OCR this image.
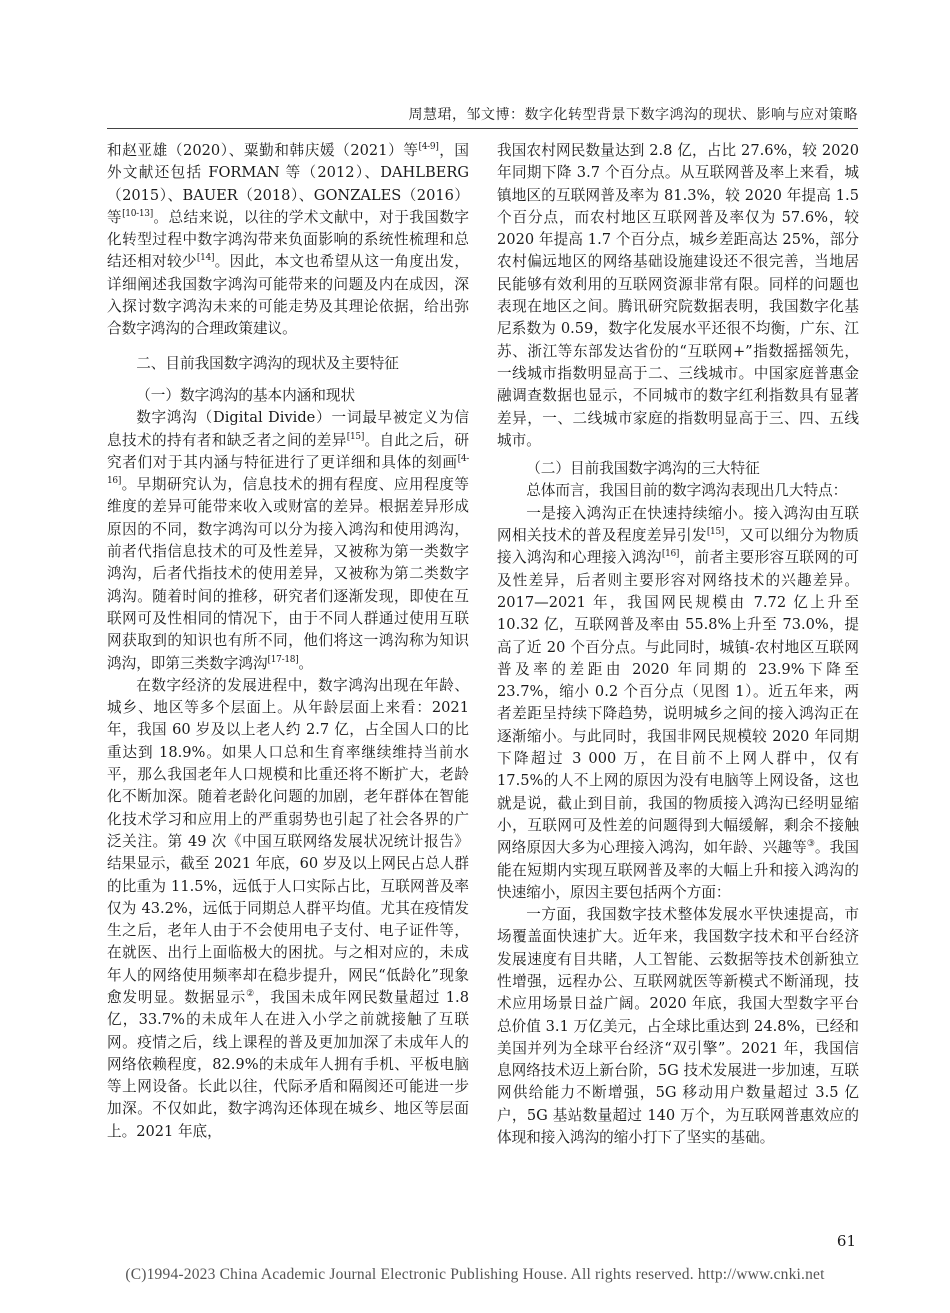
周慧珺，邹文博：数字化转型背景下数字鸿沟的现状、影响与应对策略

和赵亚雄（2020）、粟勤和韩庆媛（2021）等[4-9]，国外文献还包括 FORMAN 等（2012）、DAHLBERG（2015）、BAUER（2018）、GONZALES（2016）等[10-13]。总结来说，以往的学术文献中，对于我国数字化转型过程中数字鸿沟带来负面影响的系统性梳理和总结还相对较少[14]。因此，本文也希望从这一角度出发，详细阐述我国数字鸿沟可能带来的问题及内在成因，深入探讨数字鸿沟未来的可能走势及其理论依据，给出弥合数字鸿沟的合理政策建议。

二、目前我国数字鸿沟的现状及主要特征
（一）数字鸿沟的基本内涵和现状

数字鸿沟（Digital Divide）一词最早被定义为信息技术的持有者和缺乏者之间的差异[15]。自此之后，研究者们对于其内涵与特征进行了更详细和具体的刻画[4-16]。早期研究认为，信息技术的拥有程度、应用程度等维度的差异可能带来收入或财富的差异。根据差异形成原因的不同，数字鸿沟可以分为接入鸿沟和使用鸿沟，前者代指信息技术的可及性差异，又被称为第一类数字鸿沟，后者代指技术的使用差异，又被称为第二类数字鸿沟。随着时间的推移，研究者们逐渐发现，即使在互联网可及性相同的情况下，由于不同人群通过使用互联网获取到的知识也有所不同，他们将这一鸿沟称为知识鸿沟，即第三类数字鸿沟[17-18]。

在数字经济的发展进程中，数字鸿沟出现在年龄、城乡、地区等多个层面上。从年龄层面上来看：2021 年，我国 60 岁及以上老人约 2.7 亿，占全国人口的比重达到 18.9%。如果人口总和生育率继续维持当前水平，那么我国老年人口规模和比重还将不断扩大，老龄化不断加深。随着老龄化问题的加剧，老年群体在智能化技术学习和应用上的严重弱势也引起了社会各界的广泛关注。第 49 次《中国互联网络发展状况统计报告》结果显示，截至 2021 年底，60 岁及以上网民占总人群的比重为 11.5%，远低于人口实际占比，互联网普及率仅为 43.2%，远低于同期总人群平均值。尤其在疫情发生之后，老年人由于不会使用电子支付、电子证件等，在就医、出行上面临极大的困扰。与之相对应的，未成年人的网络使用频率却在稳步提升，网民“低龄化”现象愈发明显。数据显示②，我国未成年网民数量超过 1.8 亿，33.7%的未成年人在进入小学之前就接触了互联网。疫情之后，线上课程的普及更加加深了未成年人的网络依赖程度，82.9%的未成年人拥有手机、平板电脑等上网设备。长此以往，代际矛盾和隔阂还可能进一步加深。不仅如此，数字鸿沟还体现在城乡、地区等层面上。2021 年底，

我国农村网民数量达到 2.8 亿，占比 27.6%，较 2020 年同期下降 3.7 个百分点。从互联网普及率上来看，城镇地区的互联网普及率为 81.3%，较 2020 年提高 1.5 个百分点，而农村地区互联网普及率仅为 57.6%，较 2020 年提高 1.7 个百分点，城乡差距高达 25%，部分农村偏远地区的网络基础设施建设还不很完善，当地居民能够有效利用的互联网资源非常有限。同样的问题也表现在地区之间。腾讯研究院数据表明，我国数字化基尼系数为 0.59，数字化发展水平还很不均衡，广东、江苏、浙江等东部发达省份的“互联网+”指数摇摇领先，一线城市指数明显高于二、三线城市。中国家庭普惠金融调查数据也显示，不同城市的数字红利指数具有显著差异，一、二线城市家庭的指数明显高于三、四、五线城市。

（二）目前我国数字鸿沟的三大特征

总体而言，我国目前的数字鸿沟表现出几大特点：

一是接入鸿沟正在快速持续缩小。接入鸿沟由互联网相关技术的普及程度差异引发[15]，又可以细分为物质接入鸿沟和心理接入鸿沟[16]，前者主要形容互联网的可及性差异，后者则主要形容对网络技术的兴趣差异。2017—2021 年，我国网民规模由 7.72 亿上升至 10.32 亿，互联网普及率由 55.8%上升至 73.0%，提高了近 20 个百分点。与此同时，城镇-农村地区互联网普及率的差距由 2020 年同期的 23.9%下降至 23.7%，缩小 0.2 个百分点（见图 1）。近五年来，两者差距呈持续下降趋势，说明城乡之间的接入鸿沟正在逐渐缩小。与此同时，我国非网民规模较 2020 年同期下降超过 3 000 万，在目前不上网人群中，仅有 17.5%的人不上网的原因为没有电脑等上网设备，这也就是说，截止到目前，我国的物质接入鸿沟已经明显缩小，互联网可及性差的问题得到大幅缓解，剩余不接触网络原因大多为心理接入鸿沟，如年龄、兴趣等③。我国能在短期内实现互联网普及率的大幅上升和接入鸿沟的快速缩小，原因主要包括两个方面：

一方面，我国数字技术整体发展水平快速提高，市场覆盖面快速扩大。近年来，我国数字技术和平台经济发展速度有目共睹，人工智能、云数据等技术创新独立性增强，远程办公、互联网就医等新模式不断涌现，技术应用场景日益广阔。2020 年底，我国大型数字平台总价值 3.1 万亿美元，占全球比重达到 24.8%，已经和美国并列为全球平台经济“双引擎”。2021 年，我国信息网络技术迈上新台阶，5G 技术发展进一步加速，互联网供给能力不断增强，5G 移动用户数量超过 3.5 亿户，5G 基站数量超过 140 万个，为互联网普惠效应的体现和接入鸿沟的缩小打下了坚实的基础。

61
(C)1994-2023 China Academic Journal Electronic Publishing House. All rights reserved. http://www.cnki.net
